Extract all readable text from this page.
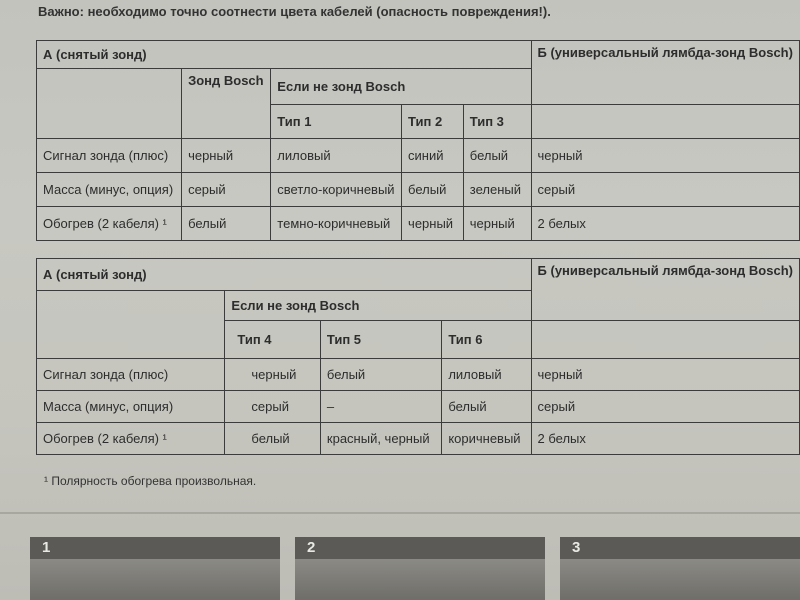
Важно: необходимо точно соотнести цвета кабелей (опасность повреждения!).
А (снятый зонд)					Б (универсальный лямбда-зонд Bosch)
	Зонд Bosch	Если не зонд Bosch			
		Тип 1	Тип 2	Тип 3	
Сигнал зонда (плюс)	черный	лиловый	синий	белый	черный
Масса (минус, опция)	серый	светло-коричневый	белый	зеленый	серый
Обогрев (2 кабеля) ¹	белый	темно-коричневый	черный	черный	2 белых
А (снятый зонд)				Б (универсальный лямбда-зонд Bosch)
	Если не зонд Bosch			
	Тип 4	Тип 5	Тип 6	
Сигнал зонда (плюс)	черный	белый	лиловый	черный
Масса (минус, опция)	серый	–	белый	серый
Обогрев (2 кабеля) ¹	белый	красный, черный	коричневый	2 белых
¹ Полярность обогрева произвольная.
1	2	3
